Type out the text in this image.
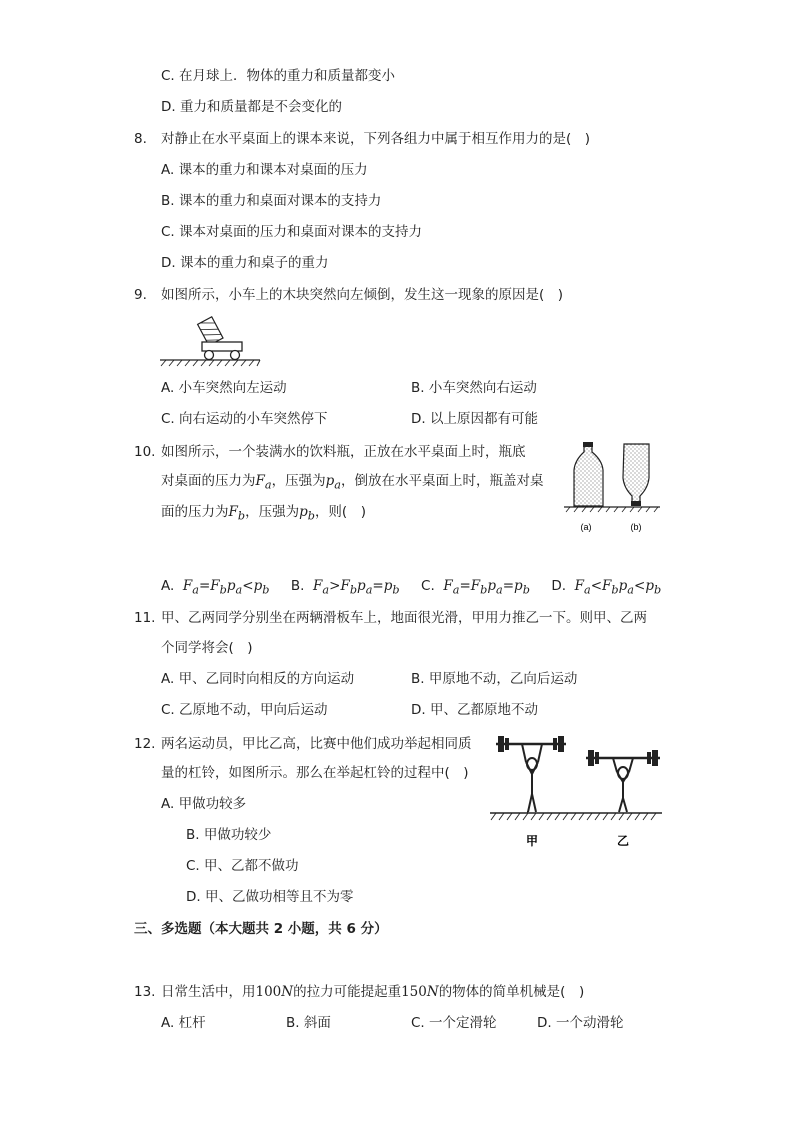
C. 在月球上．物体的重力和质量都变小
D. 重力和质量都是不会变化的
8. 对静止在水平桌面上的课本来说，下列各组力中属于相互作用力的是(　)
A. 课本的重力和课本对桌面的压力
B. 课本的重力和桌面对课本的支持力
C. 课本对桌面的压力和桌面对课本的支持力
D. 课本的重力和桌子的重力
9. 如图所示，小车上的木块突然向左倾倒，发生这一现象的原因是(　)
A. 小车突然向左运动	B. 小车突然向右运动
C. 向右运动的小车突然停下	D. 以上原因都有可能
10. 如图所示，一个装满水的饮料瓶，正放在水平桌面上时，瓶底
对桌面的压力为$F_a$，压强为$p_a$，倒放在水平桌面上时，瓶盖对桌
面的压力为$F_b$，压强为$p_b$，则(　)
(a)	(b)
A. $F_a=F_bp_a<p_b$ B. $F_a>F_bp_a=p_b$ C. $F_a=F_bp_a=p_b$ D. $F_a<F_bp_a<p_b$
11. 甲、乙两同学分别坐在两辆滑板车上，地面很光滑，甲用力推乙一下。则甲、乙两
个同学将会(　)
A. 甲、乙同时向相反的方向运动	B. 甲原地不动，乙向后运动
C. 乙原地不动，甲向后运动	D. 甲、乙都原地不动
12. 两名运动员，甲比乙高，比赛中他们成功举起相同质
量的杠铃，如图所示。那么在举起杠铃的过程中(　)
A. 甲做功较多
B. 甲做功较少
C. 甲、乙都不做功
D. 甲、乙做功相等且不为零
甲	乙
三、多选题（本大题共 2 小题，共 6 分）
13. 日常生活中，用100N的拉力可能提起重150N的物体的简单机械是(　)
A. 杠杆	B. 斜面	C. 一个定滑轮	D. 一个动滑轮
